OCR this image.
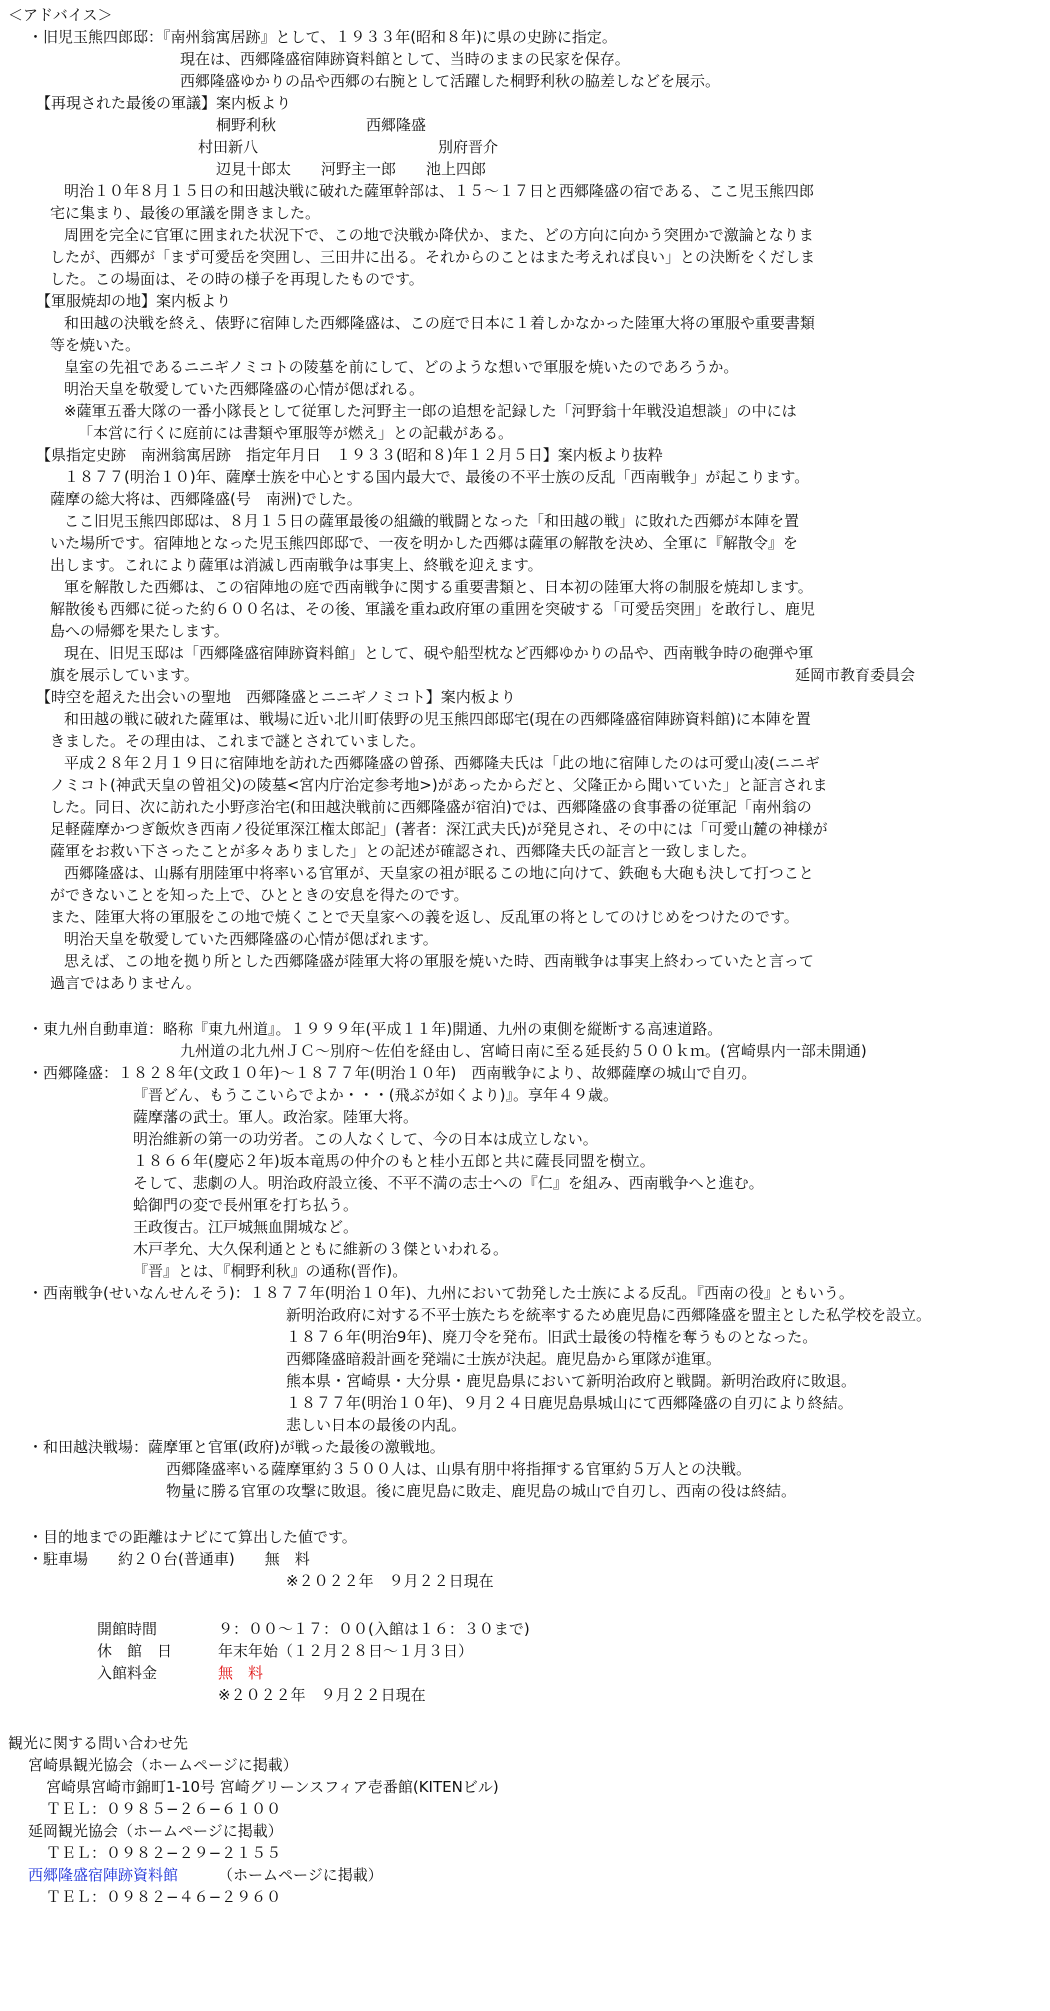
＜アドバイス＞
・旧児玉熊四郎邸：『南州翁寓居跡』として、１９３３年(昭和８年)に県の史跡に指定。
現在は、西郷隆盛宿陣跡資料館として、当時のままの民家を保存。
西郷隆盛ゆかりの品や西郷の右腕として活躍した桐野利秋の脇差しなどを展示。
【再現された最後の軍議】案内板より
桐野利秋　　　　　　西郷隆盛
村田新八　　　　　　　　　　　　別府晋介
辺見十郎太　　河野主一郎　　池上四郎
明治１０年８月１５日の和田越決戦に破れた薩軍幹部は、１５〜１７日と西郷隆盛の宿である、ここ児玉熊四郎
宅に集まり、最後の軍議を開きました。
周囲を完全に官軍に囲まれた状況下で、この地で決戦か降伏か、また、どの方向に向かう突囲かで激論となりま
したが、西郷が「まず可愛岳を突囲し、三田井に出る。それからのことはまた考えれば良い」との決断をくだしま
した。この場面は、その時の様子を再現したものです。
【軍服焼却の地】案内板より
和田越の決戦を終え、俵野に宿陣した西郷隆盛は、この庭で日本に１着しかなかった陸軍大将の軍服や重要書類
等を焼いた。
皇室の先祖であるニニギノミコトの陵墓を前にして、どのような想いで軍服を焼いたのであろうか。
明治天皇を敬愛していた西郷隆盛の心情が偲ばれる。
※薩軍五番大隊の一番小隊長として従軍した河野主一郎の追想を記録した「河野翁十年戦没追想談」の中には
「本営に行くに庭前には書類や軍服等が燃え」との記載がある。
【県指定史跡　南洲翁寓居跡　指定年月日　１９３３(昭和８)年１２月５日】案内板より抜粋
１８７７(明治１０)年、薩摩士族を中心とする国内最大で、最後の不平士族の反乱「西南戦争」が起こります。
薩摩の総大将は、西郷隆盛(号　南洲)でした。
ここ旧児玉熊四郎邸は、８月１５日の薩軍最後の組織的戦闘となった「和田越の戦」に敗れた西郷が本陣を置
いた場所です。宿陣地となった児玉熊四郎邸で、一夜を明かした西郷は薩軍の解散を決め、全軍に『解散令』を
出します。これにより薩軍は消滅し西南戦争は事実上、終戦を迎えます。
軍を解散した西郷は、この宿陣地の庭で西南戦争に関する重要書類と、日本初の陸軍大将の制服を焼却します。
解散後も西郷に従った約６００名は、その後、軍議を重ね政府軍の重囲を突破する「可愛岳突囲」を敢行し、鹿児
島への帰郷を果たします。
現在、旧児玉邸は「西郷隆盛宿陣跡資料館」として、硯や船型枕など西郷ゆかりの品や、西南戦争時の砲弾や軍
旗を展示しています。	延岡市教育委員会
【時空を超えた出会いの聖地　西郷隆盛とニニギノミコト】案内板より
和田越の戦に破れた薩軍は、戦場に近い北川町俵野の児玉熊四郎邸宅(現在の西郷隆盛宿陣跡資料館)に本陣を置
きました。その理由は、これまで謎とされていました。
平成２８年２月１９日に宿陣地を訪れた西郷隆盛の曾孫、西郷隆夫氏は「此の地に宿陣したのは可愛山凌(ニニギ
ノミコト(神武天皇の曾祖父)の陵墓<宮内庁治定参考地>)があったからだと、父隆正から聞いていた」と証言されま
した。同日、次に訪れた小野彦治宅(和田越決戦前に西郷隆盛が宿泊)では、西郷隆盛の食事番の従軍記「南州翁の
足軽薩摩かつぎ飯炊き西南ノ役従軍深江権太郎記」(著者：深江武夫氏)が発見され、その中には「可愛山麓の神様が
薩軍をお救い下さったことが多々ありました」との記述が確認され、西郷隆夫氏の証言と一致しました。
西郷隆盛は、山縣有朋陸軍中将率いる官軍が、天皇家の祖が眠るこの地に向けて、鉄砲も大砲も決して打つこと
ができないことを知った上で、ひとときの安息を得たのです。
また、陸軍大将の軍服をこの地で焼くことで天皇家への義を返し、反乱軍の将としてのけじめをつけたのです。
明治天皇を敬愛していた西郷隆盛の心情が偲ばれます。
思えば、この地を拠り所とした西郷隆盛が陸軍大将の軍服を焼いた時、西南戦争は事実上終わっていたと言って
過言ではありません。
・東九州自動車道：略称『東九州道』。１９９９年(平成１１年)開通、九州の東側を縦断する高速道路。
九州道の北九州ＪＣ〜別府〜佐伯を経由し、宮崎日南に至る延長約５００ｋｍ。(宮崎県内一部未開通)
・西郷隆盛：１８２８年(文政１０年)〜１８７７年(明治１０年)　西南戦争により、故郷薩摩の城山で自刃。
『晋どん、もうここいらでよか・・・(飛ぶが如くより)』。享年４９歳。
薩摩藩の武士。軍人。政治家。陸軍大将。
明治維新の第一の功労者。この人なくして、今の日本は成立しない。
１８６６年(慶応２年)坂本竜馬の仲介のもと桂小五郎と共に薩長同盟を樹立。
そして、悲劇の人。明治政府設立後、不平不満の志士への『仁』を組み、西南戦争へと進む。
蛤御門の変で長州軍を打ち払う。
王政復古。江戸城無血開城など。
木戸孝允、大久保利通とともに維新の３傑といわれる。
『晋』とは、『桐野利秋』の通称(晋作)。
・西南戦争(せいなんせんそう)：１８７７年(明治１０年)、九州において勃発した士族による反乱。『西南の役』ともいう。
新明治政府に対する不平士族たちを統率するため鹿児島に西郷隆盛を盟主とした私学校を設立。
１８７６年(明治9年)、廃刀令を発布。旧武士最後の特権を奪うものとなった。
西郷隆盛暗殺計画を発端に士族が決起。鹿児島から軍隊が進軍。
熊本県・宮崎県・大分県・鹿児島県において新明治政府と戦闘。新明治政府に敗退。
１８７７年(明治１０年)、９月２４日鹿児島県城山にて西郷隆盛の自刃により終結。
悲しい日本の最後の内乱。
・和田越決戦場：薩摩軍と官軍(政府)が戦った最後の激戦地。
西郷隆盛率いる薩摩軍約３５００人は、山県有朋中将指揮する官軍約５万人との決戦。
物量に勝る官軍の攻撃に敗退。後に鹿児島に敗走、鹿児島の城山で自刃し、西南の役は終結。
・目的地までの距離はナビにて算出した値です。
・駐車場　　約２０台(普通車)　　無　料
※２０２２年　９月２２日現在
開館時間	９：００〜１７：００(入館は１６：３０まで)
休　館　日	年末年始（１２月２８日〜１月３日）
入館料金	無　料
※２０２２年　９月２２日現在
観光に関する問い合わせ先
宮崎県観光協会（ホームページに掲載）
宮崎県宮崎市錦町1-10号 宮崎グリーンスフィア壱番館(KITENビル)
ＴＥＬ：０９８５−２６−６１００
延岡観光協会（ホームページに掲載）
ＴＥＬ：０９８２−２９−２１５５
西郷隆盛宿陣跡資料館	（ホームページに掲載）
ＴＥＬ：０９８２−４６−２９６０
